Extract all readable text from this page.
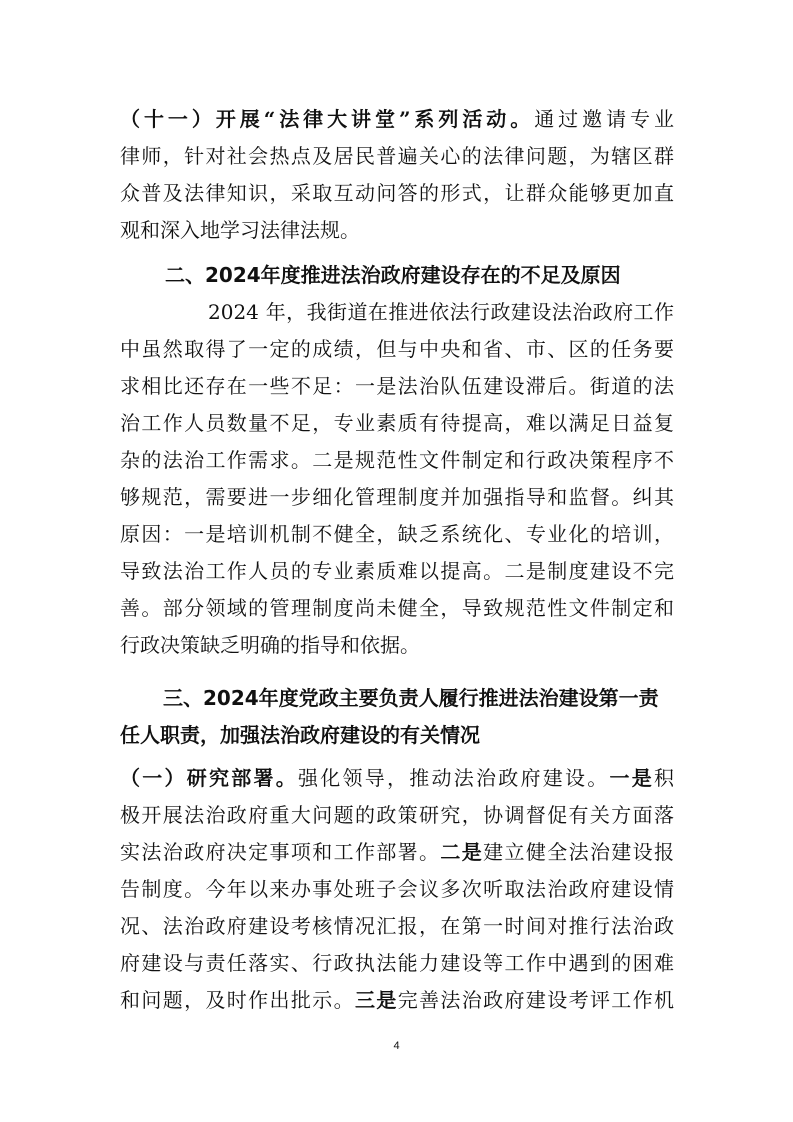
（十一）开展“法律大讲堂”系列活动。通过邀请专业

律师，针对社会热点及居民普遍关心的法律问题，为辖区群

众普及法律知识，采取互动问答的形式，让群众能够更加直

观和深入地学习法律法规。

二、2024年度推进法治政府建设存在的不足及原因

2024 年，我街道在推进依法行政建设法治政府工作

中虽然取得了一定的成绩，但与中央和省、市、区的任务要

求相比还存在一些不足：一是法治队伍建设滞后。街道的法

治工作人员数量不足，专业素质有待提高，难以满足日益复

杂的法治工作需求。二是规范性文件制定和行政决策程序不

够规范，需要进一步细化管理制度并加强指导和监督。纠其

原因：一是培训机制不健全，缺乏系统化、专业化的培训，

导致法治工作人员的专业素质难以提高。二是制度建设不完

善。部分领域的管理制度尚未健全，导致规范性文件制定和

行政决策缺乏明确的指导和依据。

三、2024年度党政主要负责人履行推进法治建设第一责

任人职责，加强法治政府建设的有关情况

（一）研究部署。强化领导，推动法治政府建设。一是积

极开展法治政府重大问题的政策研究，协调督促有关方面落

实法治政府决定事项和工作部署。二是建立健全法治建设报

告制度。今年以来办事处班子会议多次听取法治政府建设情

况、法治政府建设考核情况汇报，在第一时间对推行法治政

府建设与责任落实、行政执法能力建设等工作中遇到的困难

和问题，及时作出批示。三是完善法治政府建设考评工作机

4
